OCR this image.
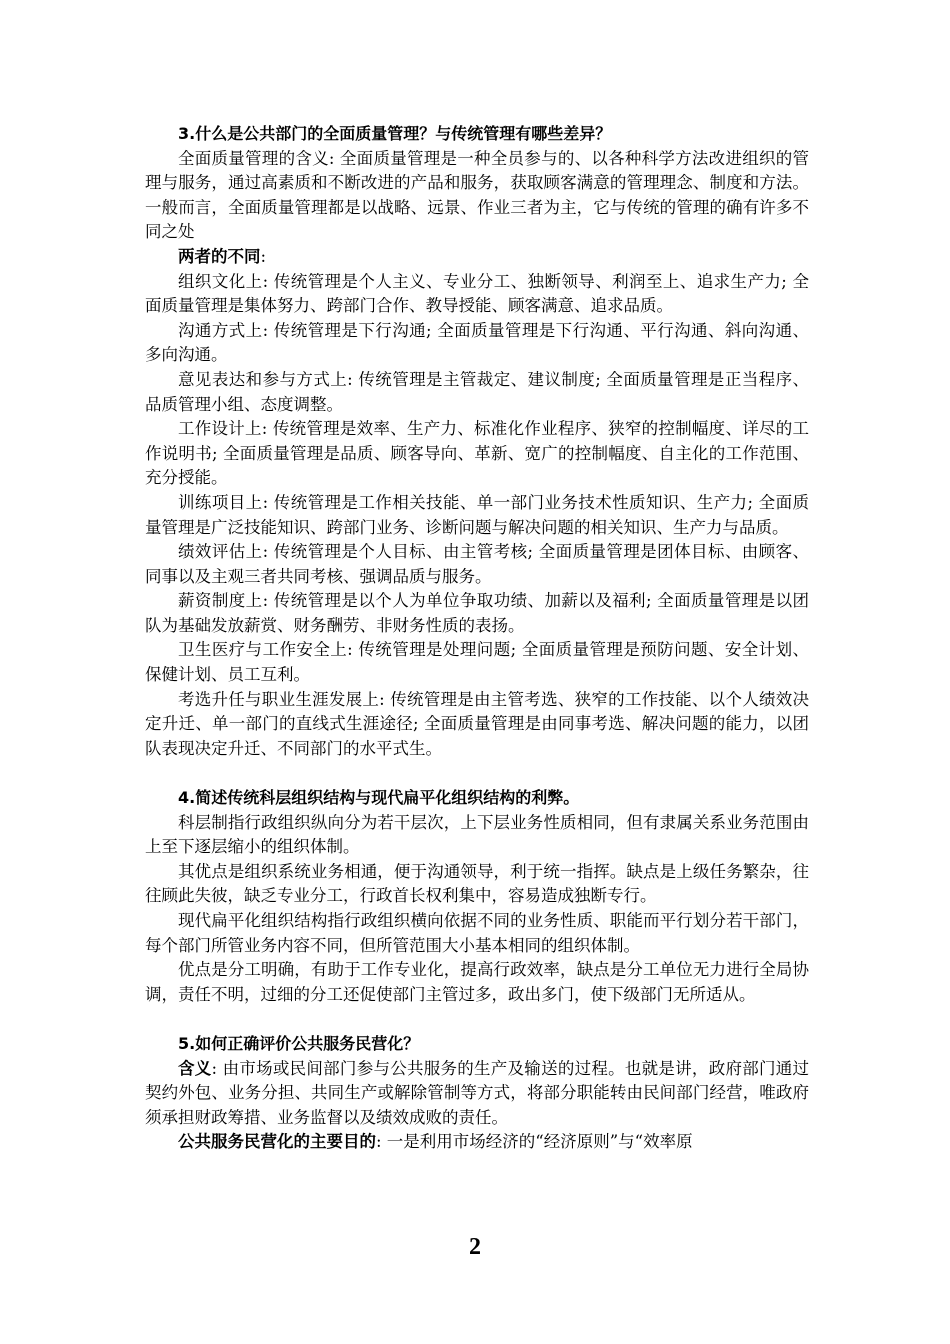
3.什么是公共部门的全面质量管理？与传统管理有哪些差异？

全面质量管理的含义: 全面质量管理是一种全员参与的、以各种科学方法改进组织的管理与服务，通过高素质和不断改进的产品和服务，获取顾客满意的管理理念、制度和方法。一般而言，全面质量管理都是以战略、远景、作业三者为主，它与传统的管理的确有许多不同之处

两者的不同:

组织文化上: 传统管理是个人主义、专业分工、独断领导、利润至上、追求生产力; 全面质量管理是集体努力、跨部门合作、教导授能、顾客满意、追求品质。

沟通方式上: 传统管理是下行沟通; 全面质量管理是下行沟通、平行沟通、斜向沟通、多向沟通。

意见表达和参与方式上: 传统管理是主管裁定、建议制度; 全面质量管理是正当程序、品质管理小组、态度调整。

工作设计上: 传统管理是效率、生产力、标准化作业程序、狭窄的控制幅度、详尽的工作说明书; 全面质量管理是品质、顾客导向、革新、宽广的控制幅度、自主化的工作范围、充分授能。

训练项目上: 传统管理是工作相关技能、单一部门业务技术性质知识、生产力; 全面质量管理是广泛技能知识、跨部门业务、诊断问题与解决问题的相关知识、生产力与品质。

绩效评估上: 传统管理是个人目标、由主管考核; 全面质量管理是团体目标、由顾客、同事以及主观三者共同考核、强调品质与服务。

薪资制度上: 传统管理是以个人为单位争取功绩、加薪以及福利; 全面质量管理是以团队为基础发放薪赏、财务酬劳、非财务性质的表扬。

卫生医疗与工作安全上: 传统管理是处理问题; 全面质量管理是预防问题、安全计划、保健计划、员工互利。

考选升任与职业生涯发展上: 传统管理是由主管考选、狭窄的工作技能、以个人绩效决定升迁、单一部门的直线式生涯途径; 全面质量管理是由同事考选、解决问题的能力，以团队表现决定升迁、不同部门的水平式生。

4.简述传统科层组织结构与现代扁平化组织结构的利弊。

科层制指行政组织纵向分为若干层次，上下层业务性质相同，但有隶属关系业务范围由上至下逐层缩小的组织体制。

其优点是组织系统业务相通，便于沟通领导，利于统一指挥。缺点是上级任务繁杂，往往顾此失彼，缺乏专业分工，行政首长权利集中，容易造成独断专行。

现代扁平化组织结构指行政组织横向依据不同的业务性质、职能而平行划分若干部门，每个部门所管业务内容不同，但所管范围大小基本相同的组织体制。

优点是分工明确，有助于工作专业化，提高行政效率，缺点是分工单位无力进行全局协调，责任不明，过细的分工还促使部门主管过多，政出多门，使下级部门无所适从。

5.如何正确评价公共服务民营化？

含义: 由市场或民间部门参与公共服务的生产及输送的过程。也就是讲，政府部门通过契约外包、业务分担、共同生产或解除管制等方式，将部分职能转由民间部门经营，唯政府须承担财政筹措、业务监督以及绩效成败的责任。

公共服务民营化的主要目的: 一是利用市场经济的“经济原则”与“效率原

2
